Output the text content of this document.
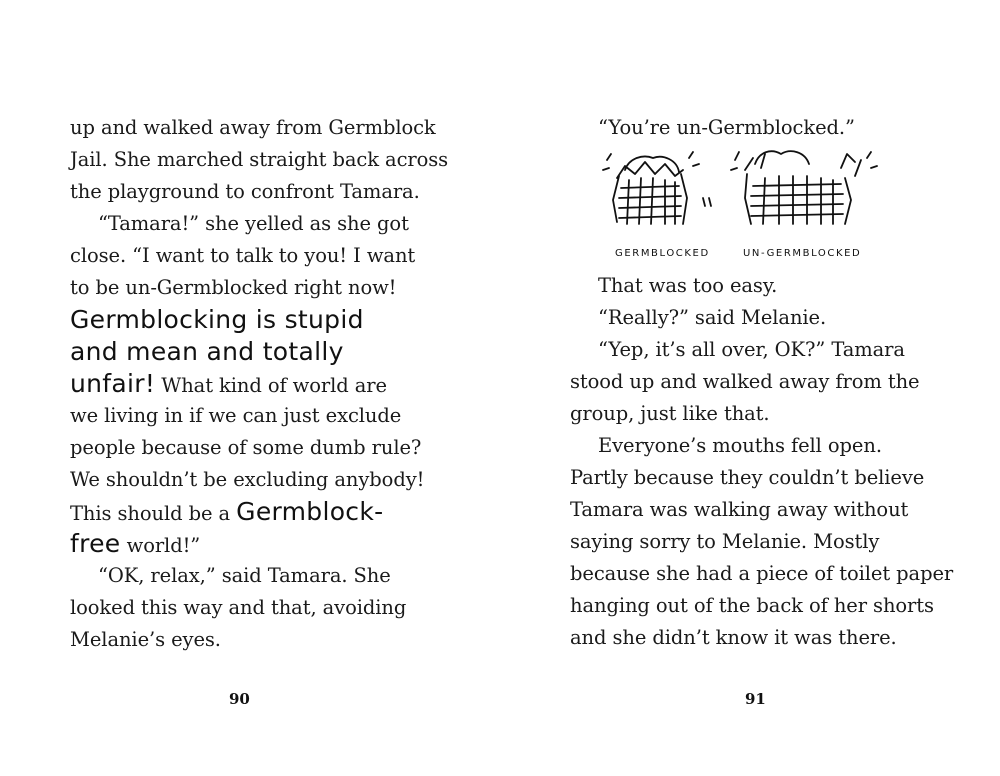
up and walked away from Germblock
Jail. She marched straight back across
the playground to confront Tamara.
“Tamara!” she yelled as she got
close. “I want to talk to you! I want
to be un-Germblocked right now!
Germblocking is stupid
and mean and totally
unfair! What kind of world are
we living in if we can just exclude
people because of some dumb rule?
We shouldn’t be excluding anybody!
This should be a Germblock-
free world!”
“OK, relax,” said Tamara. She
looked this way and that, avoiding
Melanie’s eyes.
90
“You’re un-Germblocked.”
That was too easy.
“Really?” said Melanie.
“Yep, it’s all over, OK?” Tamara
stood up and walked away from the
group, just like that.
Everyone’s mouths fell open.
Partly because they couldn’t believe
Tamara was walking away without
saying sorry to Melanie. Mostly
because she had a piece of toilet paper
hanging out of the back of her shorts
and she didn’t know it was there.
91
GERMBLOCKED	UN-GERMBLOCKED
